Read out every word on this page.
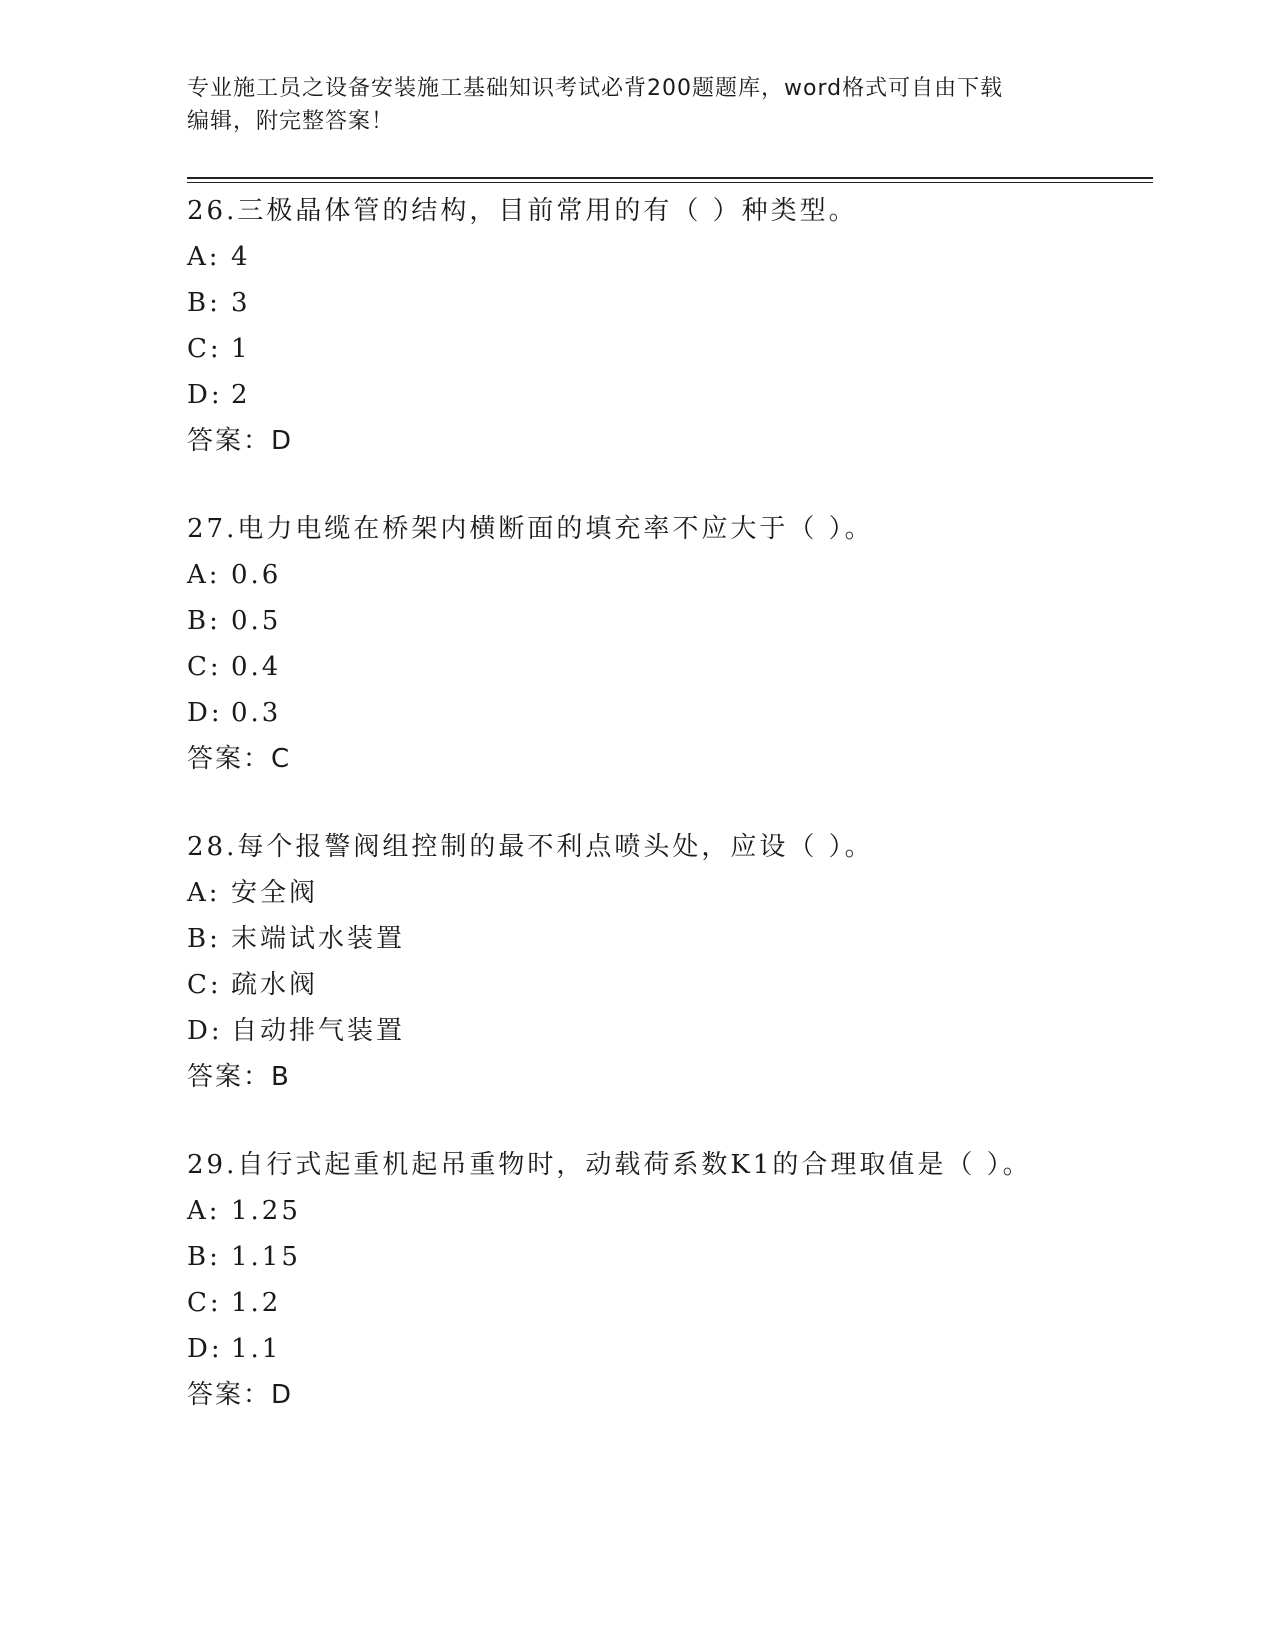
专业施工员之设备安装施工基础知识考试必背200题题库，word格式可自由下载
编辑，附完整答案！
26.三极晶体管的结构，目前常用的有（ ）种类型。
A: 4
B: 3
C: 1
D: 2
答案：D
27.电力电缆在桥架内横断面的填充率不应大于（ ）。
A: 0.6
B: 0.5
C: 0.4
D: 0.3
答案：C
28.每个报警阀组控制的最不利点喷头处，应设（ ）。
A: 安全阀
B: 末端试水装置
C: 疏水阀
D: 自动排气装置
答案：B
29.自行式起重机起吊重物时，动载荷系数K1的合理取值是（ ）。
A: 1.25
B: 1.15
C: 1.2
D: 1.1
答案：D
